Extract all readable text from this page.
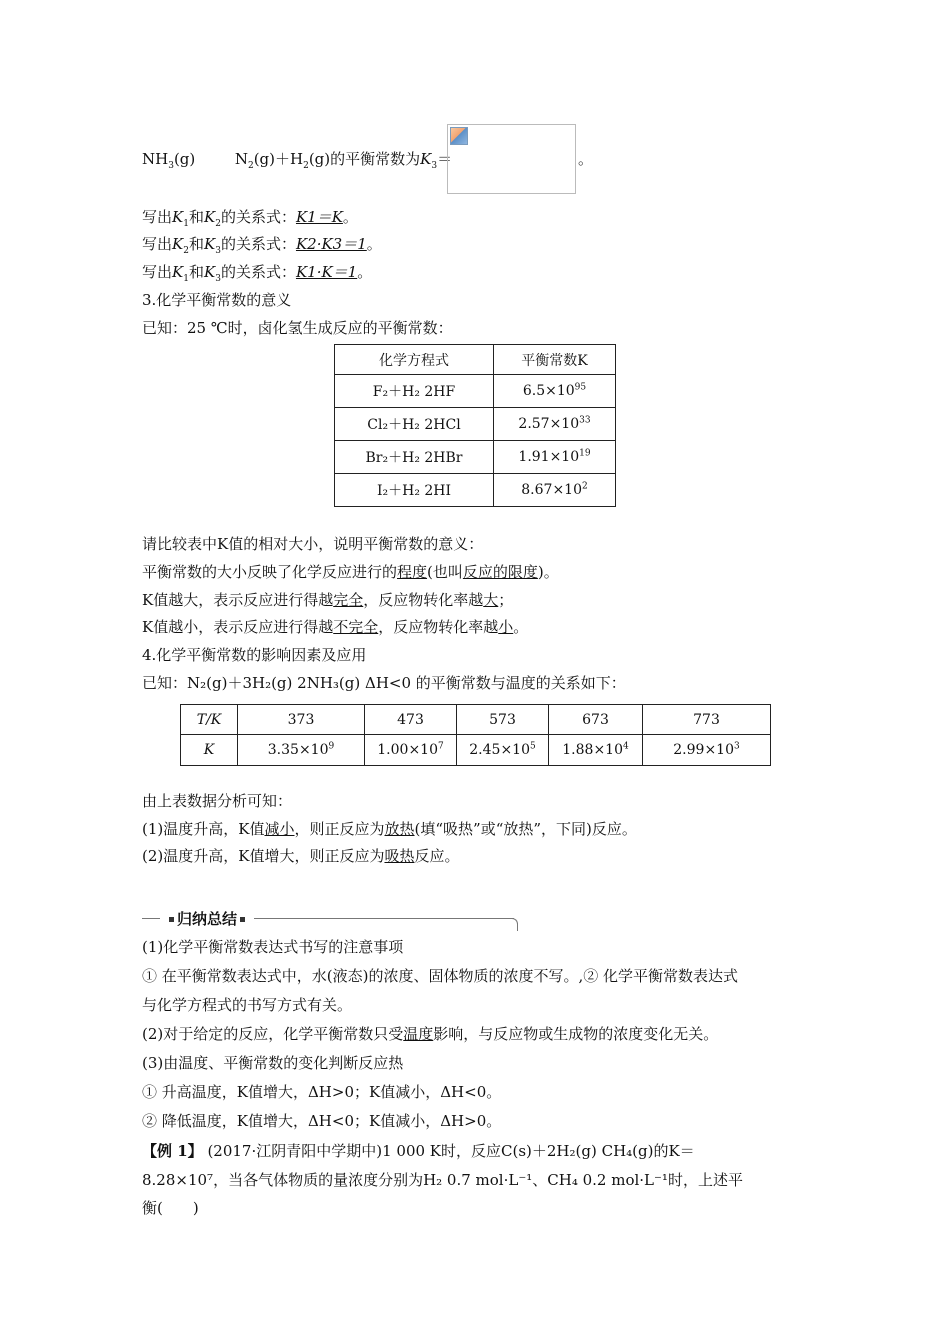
$NH_3(g)$	$N_2(g)+H_2(g)$的平衡常数为$K_3=$	。
写出$K_1$和$K_2$的关系式：K1＝K。
写出$K_2$和$K_3$的关系式：K2·K3＝1。
写出$K_1$和$K_3$的关系式：K1·K＝1。
3.化学平衡常数的意义
已知：25 ℃时，卤化氢生成反应的平衡常数：
化学方程式	平衡常数K
F₂＋H₂ 2HF	$6.5\times 10^{95}$
Cl₂＋H₂ 2HCl	$2.57\times 10^{33}$
Br₂＋H₂ 2HBr	$1.91\times 10^{19}$
I₂＋H₂ 2HI	$8.67\times 10^2$
请比较表中K值的相对大小，说明平衡常数的意义：
平衡常数的大小反映了化学反应进行的程度(也叫反应的限度)。
K值越大，表示反应进行得越完全，反应物转化率越大；
K值越小，表示反应进行得越不完全，反应物转化率越小。
4.化学平衡常数的影响因素及应用
已知：N₂(g)＋3H₂(g) 2NH₃(g) ΔH<0 的平衡常数与温度的关系如下：
T/K	373	473	573	673	773
K	$3.35\times 10^9$	$1.00\times 10^7$	$2.45\times 10^5$	$1.88\times 10^4$	$2.99\times 10^3$
由上表数据分析可知：
(1)温度升高，K值减小，则正反应为放热(填“吸热”或“放热”，下同)反应。
(2)温度升高，K值增大，则正反应为吸热反应。
归纳总结
(1)化学平衡常数表达式书写的注意事项
① 在平衡常数表达式中，水(液态)的浓度、固体物质的浓度不写。,② 化学平衡常数表达式
与化学方程式的书写方式有关。
(2)对于给定的反应，化学平衡常数只受温度影响，与反应物或生成物的浓度变化无关。
(3)由温度、平衡常数的变化判断反应热
① 升高温度，K值增大，ΔH>0；K值减小，ΔH<0。
② 降低温度，K值增大，ΔH<0；K值减小，ΔH>0。
【例 1】 (2017·江阴青阳中学期中)1 000 K时，反应C(s)＋2H₂(g) CH₄(g)的K＝
8.28×10⁷，当各气体物质的量浓度分别为H₂ 0.7 mol·L⁻¹、CH₄ 0.2 mol·L⁻¹时，上述平
衡(　　)
